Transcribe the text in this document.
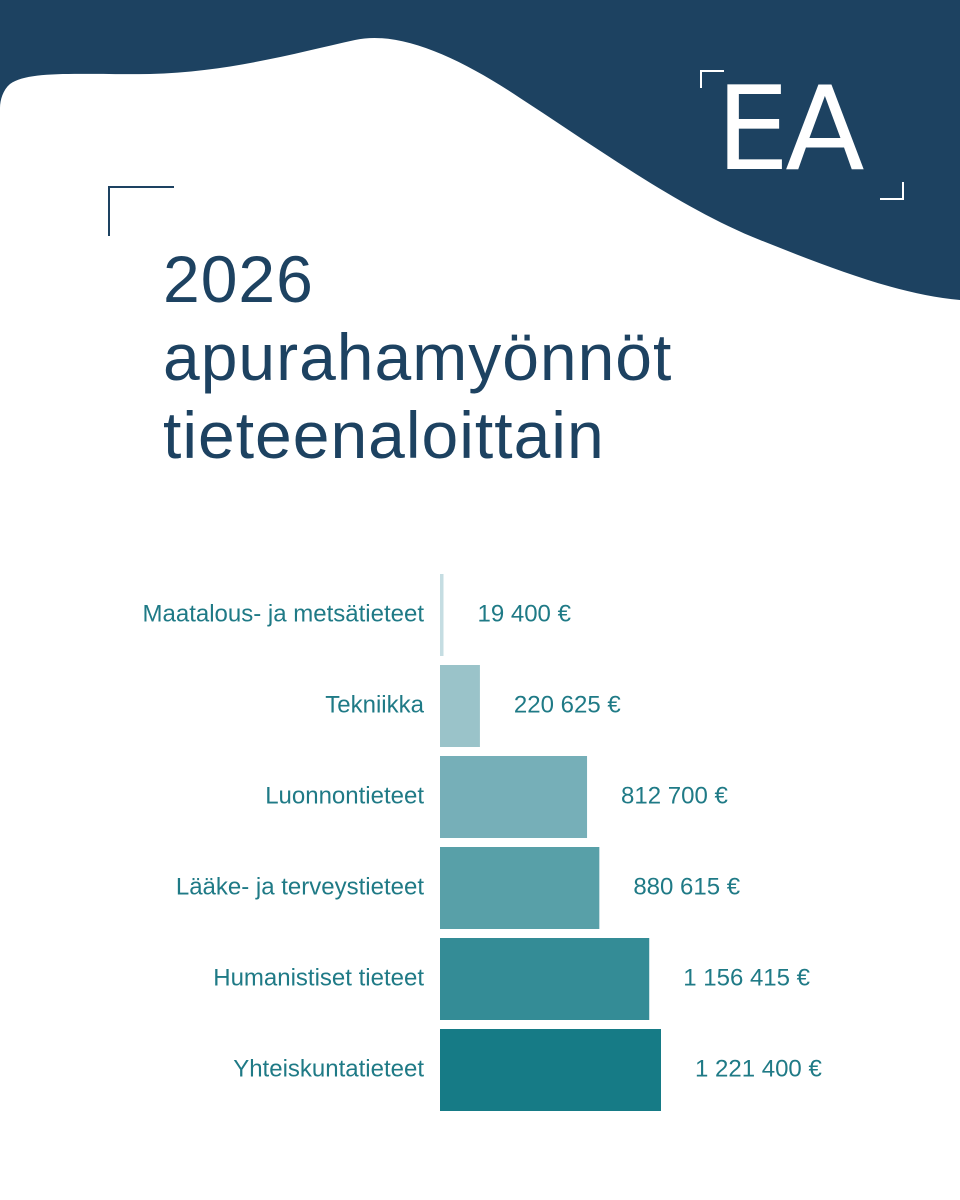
EA
2026
apurahamyönnöt
tieteenaloittain
Maatalous- ja metsätieteet 19 400 €
Tekniikka	220 625 €
Luonnontieteet	812 700 €
Lääke- ja terveystieteet	880 615 €
Humanistiset tieteet	1 156 415 €
Yhteiskuntatieteet	1 221 400 €
